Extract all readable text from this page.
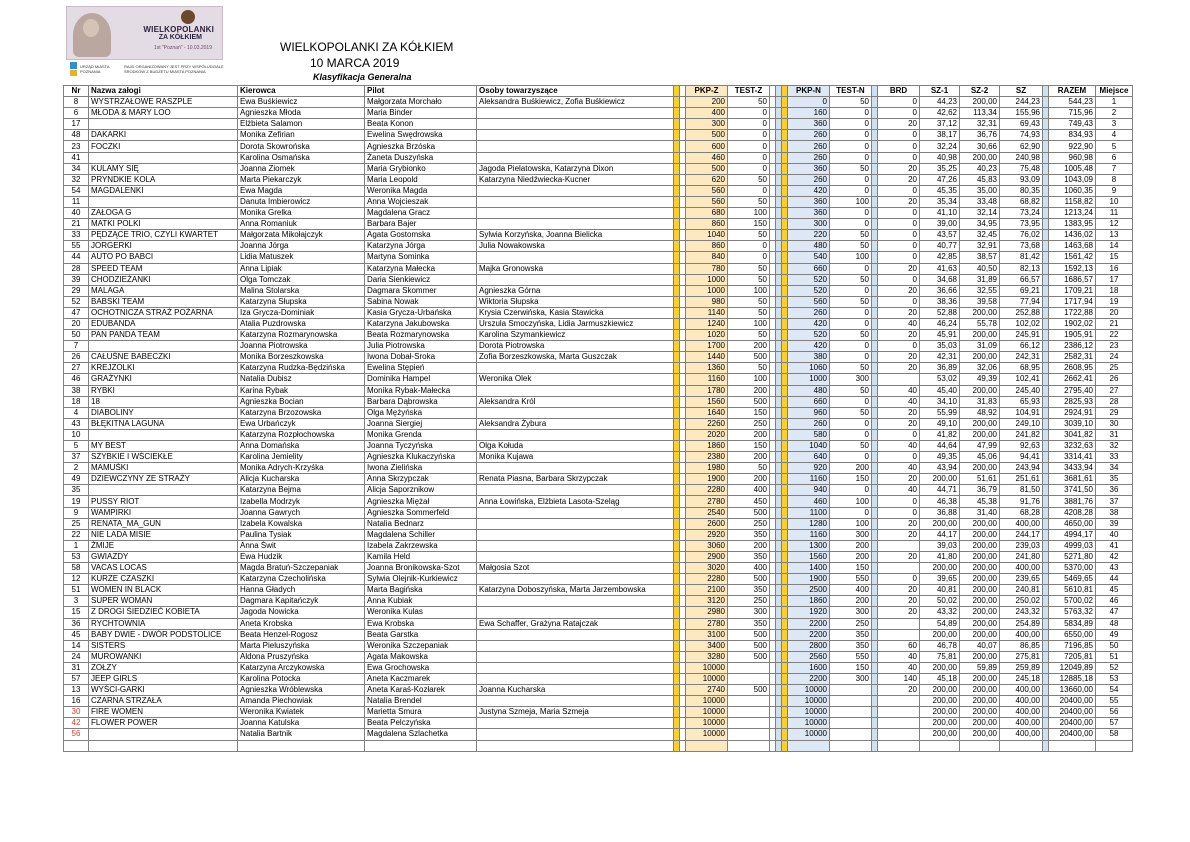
WIELKOPOLANKI
ZA KÓŁKIEM
1st "Poznań" - 10.03.2019
URZĄD MIASTA POZNANIA
RAJD ORGANIZOWANY JEST PRZY WSPÓŁUDZIALE ŚRODKÓW Z BUDŻETU MIASTA POZNANIA
WIELKOPOLANKI ZA KÓŁKIEM
10 MARCA 2019
Klasyfikacja Generalna
Nr	Nazwa załogi	Kierowca	Pilot	Osoby towarzyszące			PKP-Z	TEST-Z				PKP-N	TEST-N		BRD	SZ-1	SZ-2	SZ		RAZEM	Miejsce
8	WYSTRZAŁOWE RASZPLE	Ewa Buśkiewicz	Małgorzata Morchało	Aleksandra Buśkiewicz, Zofia Buśkiewicz			200	50				0	50		0	44,23	200,00	244,23		544,23	1
6	MŁODA & MARY LOO	Agnieszka Młoda	Maria Binder				400	0				160	0		0	42,62	113,34	155,96		715,96	2
17		Elżbieta Salamon	Beata Konon				300	0				360	0		20	37,12	32,31	69,43		749,43	3
48	DAKARKI	Monika Zefirian	Ewelina Swędrowska				500	0				260	0		0	38,17	36,76	74,93		834,93	4
23	FOCZKI	Dorota Skowrońska	Agnieszka Brzóska				600	0				260	0		0	32,24	30,66	62,90		922,90	5
41		Karolina Osmańska	Żaneta Duszyńska				460	0				260	0		0	40,98	200,00	240,98		960,98	6
34	KULAMY SIĘ	Joanna Ziomek	Maria Grybionko	Jagoda Pielatowska, Katarzyna Dixon			500	0				360	50		20	35,25	40,23	75,48		1005,48	7
32	PRYNDKIE KOLA	Marta Piekarczyk	Maria Leopold	Katarzyna Niedźwiecka-Kucner			620	50				260	0		20	47,26	45,83	93,09		1043,09	8
54	MAGDALENKI	Ewa Magda	Weronika Magda				560	0				420	0		0	45,35	35,00	80,35		1060,35	9
11		Danuta Imbierowicz	Anna Wojcieszak				560	50				360	100		20	35,34	33,48	68,82		1158,82	10
40	ZAŁOGA G	Monika Grelka	Magdalena Gracz				680	100				360	0		0	41,10	32,14	73,24		1213,24	11
21	MATKI POLKI	Anna Romaniuk	Barbara Bajer				860	150				300	0		0	39,00	34,95	73,95		1383,95	12
33	PĘDZĄCE TRIO, CZYLI KWARTET	Małgorzata Mikołajczyk	Agata Gostomska	Sylwia Korzyńska, Joanna Bielicka			1040	50				220	50		0	43,57	32,45	76,02		1436,02	13
55	JORGERKI	Joanna Jórga	Katarzyna Jórga	Julia Nowakowska			860	0				480	50		0	40,77	32,91	73,68		1463,68	14
44	AUTO PO BABCI	Lidia Matuszek	Martyna Sominka				840	0				540	100		0	42,85	38,57	81,42		1561,42	15
28	SPEED TEAM	Anna Lipiak	Katarzyna Małecka	Majka Gronowska			780	50				660	0		20	41,63	40,50	82,13		1592,13	16
39	CHODZIEŻANKI	Olga Tomczak	Daria Sienkiewicz				1000	50				520	50		0	34,68	31,89	66,57		1686,57	17
29	MALAGA	Malina Stolarska	Dagmara Skommer	Agnieszka Górna			1000	100				520	0		20	36,66	32,55	69,21		1709,21	18
52	BABSKI TEAM	Katarzyna Słupska	Sabina Nowak	Wiktoria Słupska			980	50				560	50		0	38,36	39,58	77,94		1717,94	19
47	OCHOTNICZA STRAŻ POŻARNA	Iza Grycza-Dominiak	Kasia Grycza-Urbańska	Krysia Czerwińska, Kasia Stawicka			1140	50				260	0		20	52,88	200,00	252,88		1722,88	20
20	EDUBANDA	Atalia Puzdrowska	Katarzyna Jakubowska	Urszula Smoczyńska, Lidia Jarmuszkiewicz			1240	100				420	0		40	46,24	55,78	102,02		1902,02	21
50	PAN PANDA TEAM	Katarzyna Rozmarynowska	Beata Rozmarynowska	Karolina Szymankiewicz			1020	50				520	50		20	45,91	200,00	245,91		1905,91	22
7		Joanna Piotrowska	Julia Piotrowska	Dorota Piotrowska			1700	200				420	0		0	35,03	31,09	66,12		2386,12	23
26	CAŁUŚNE BABECZKI	Monika Borzeszkowska	Iwona Dobał-Sroka	Zofia Borzeszkowska, Marta Guszczak			1440	500				380	0		20	42,31	200,00	242,31		2582,31	24
27	KREJZOLKI	Katarzyna Rudzka-Będzińska	Ewelina Stępień				1360	50				1060	50		20	36,89	32,06	68,95		2608,95	25
46	GRAŻYNKI	Natalia Dubisz	Dominika Hampel	Weronika Olek			1160	100				1000	300			53,02	49,39	102,41		2662,41	26
38	RYBKI	Karina Rybak	Monika Rybak-Małecka				1780	200				480	50		40	45,40	200,00	245,40		2795,40	27
18	18	Agnieszka Bocian	Barbara Dąbrowska	Aleksandra Król			1560	500				660	0		40	34,10	31,83	65,93		2825,93	28
4	DIABOLINY	Katarzyna Brzozowska	Olga Mężyńska				1640	150				960	50		20	55,99	48,92	104,91		2924,91	29
43	BŁĘKITNA LAGUNA	Ewa Urbańczyk	Joanna Siergiej	Aleksandra Żybura			2260	250				260	0		20	49,10	200,00	249,10		3039,10	30
10		Katarzyna Rozpłochowska	Monika Grenda				2020	200				580	0		0	41,82	200,00	241,82		3041,82	31
5	MY BEST	Anna Domańska	Joanna Tyczyńska	Olga Kołuda			1860	150				1040	50		40	44,64	47,99	92,63		3232,63	32
37	SZYBKIE I WŚCIEKŁE	Karolina Jemielity	Agnieszka Klukaczyńska	Monika Kujawa			2380	200				640	0		0	49,35	45,06	94,41		3314,41	33
2	MAMUŚKI	Monika Adrych-Krzyśka	Iwona Zielińska				1980	50				920	200		40	43,94	200,00	243,94		3433,94	34
49	DZIEWCZYNY ZE STRAŻY	Alicja Kucharska	Anna Skrzypczak	Renata Piasna, Barbara Skrzypczak			1900	200				1160	150		20	200,00	51,61	251,61		3681,61	35
35		Katarzyna Bejma	Alicja Saporznikow				2280	400				940	0		40	44,71	36,79	81,50		3741,50	36
19	PUSSY RIOT	Izabella Modrzyk	Agnieszka Miężał	Anna Łowińska, Elżbieta Lasota-Szeląg			2780	450				460	100		0	46,38	45,38	91,76		3881,76	37
9	WAMPIRKI	Joanna Gawrych	Agnieszka Sommerfeld				2540	500				1100	0		0	36,88	31,40	68,28		4208,28	38
25	RENATA_MA_GUN	Izabela Kowalska	Natalia Bednarz				2600	250				1280	100		20	200,00	200,00	400,00		4650,00	39
22	NIE LADA MISIE	Paulina Tysiak	Magdalena Schiller				2920	350				1160	300		20	44,17	200,00	244,17		4994,17	40
1	ŻMIJE	Anna Świt	Izabela Zakrzewska				3060	200				1300	200			39,03	200,00	239,03		4999,03	41
53	GWIAZDY	Ewa Hudzik	Kamila Held				2900	350				1560	200		20	41,80	200,00	241,80		5271,80	42
58	VACAS LOCAS	Magda Bratuń-Szczepaniak	Joanna Bronikowska-Szot	Małgosia Szot			3020	400				1400	150			200,00	200,00	400,00		5370,00	43
12	KURZE CZASZKI	Katarzyna Czecholińska	Sylwia Olejnik-Kurkiewicz				2280	500				1900	550		0	39,65	200,00	239,65		5469,65	44
51	WOMEN IN BLACK	Hanna Gładych	Marta Bagińska	Katarzyna Doboszyńska, Marta Jarzembowska			2100	350				2500	400		20	40,81	200,00	240,81		5610,81	45
3	SUPER WOMAN	Dagmara Kapitańczyk	Anna Kubiak				3120	250				1860	200		20	50,02	200,00	250,02		5700,02	46
15	Z DROGI ŚIEDZIEĆ KOBIETA	Jagoda Nowicka	Weronika Kulas				2980	300				1920	300		20	43,32	200,00	243,32		5763,32	47
36	RYCHTOWNIA	Aneta Krobska	Ewa Krobska	Ewa Schaffer, Grażyna Ratajczak			2780	350				2200	250			54,89	200,00	254,89		5834,89	48
45	BABY DWIE - DWÓR PODSTOLICE	Beata Henzel-Rogosz	Beata Garstka				3100	500				2200	350			200,00	200,00	400,00		6550,00	49
14	SISTERS	Marta Pieluszyńska	Weronika Szczepaniak				3400	500				2800	350		60	46,78	40,07	86,85		7196,85	50
24	MUROWANKI	Aldona Pruszyńska	Agata Makowska				3280	500				2560	550		40	75,81	200,00	275,81		7205,81	51
31	ZOŁZY	Katarzyna Arczykowska	Ewa Grochowska				10000					1600	150		40	200,00	59,89	259,89		12049,89	52
57	JEEP GIRLS	Karolina Potocka	Aneta Kaczmarek				10000					2200	300		140	45,18	200,00	245,18		12885,18	53
13	WYŚCI-GARKI	Agnieszka Wróblewska	Aneta Karaś-Kozłarek	Joanna Kucharska			2740	500				10000			20	200,00	200,00	400,00		13660,00	54
16	CZARNA STRZAŁA	Amanda Piechowiak	Natalia Brendel				10000					10000				200,00	200,00	400,00		20400,00	55
30	FIRE WOMEN	Weronika Kwiatek	Marietta Smura	Justyna Szmeja, Maria Szmeja			10000					10000				200,00	200,00	400,00		20400,00	56
42	FLOWER POWER	Joanna Katulska	Beata Pelczyńska				10000					10000				200,00	200,00	400,00		20400,00	57
56		Natalia Bartnik	Magdalena Szlachetka				10000					10000				200,00	200,00	400,00		20400,00	58
